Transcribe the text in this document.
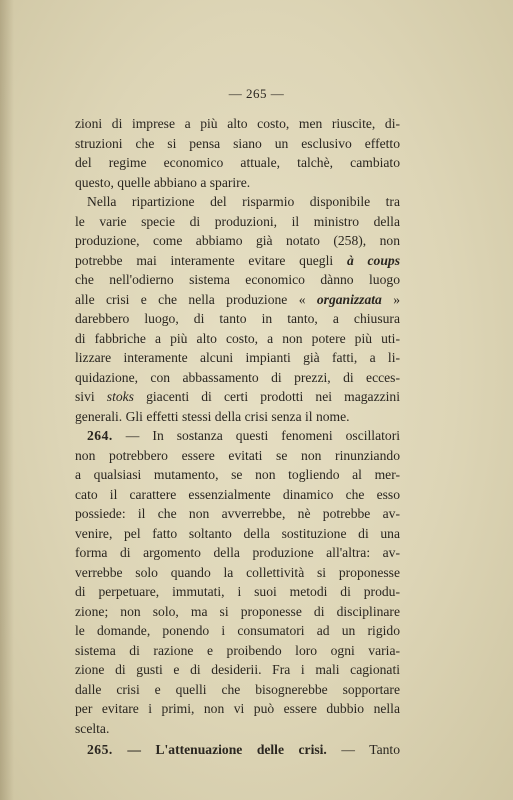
— 265 —
zioni di imprese a più alto costo, men riuscite, di-
struzioni che si pensa siano un esclusivo effetto
del regime economico attuale, talchè, cambiato
questo, quelle abbiano a sparire.
Nella ripartizione del risparmio disponibile tra
le varie specie di produzioni, il ministro della
produzione, come abbiamo già notato (258), non
potrebbe mai interamente evitare quegli à coups
che nell'odierno sistema economico dànno luogo
alle crisi e che nella produzione « organizzata »
darebbero luogo, di tanto in tanto, a chiusura
di fabbriche a più alto costo, a non potere più uti-
lizzare interamente alcuni impianti già fatti, a li-
quidazione, con abbassamento di prezzi, di ecces-
sivi stoks giacenti di certi prodotti nei magazzini
generali. Gli effetti stessi della crisi senza il nome.
264. — In sostanza questi fenomeni oscillatori
non potrebbero essere evitati se non rinunziando
a qualsiasi mutamento, se non togliendo al mer-
cato il carattere essenzialmente dinamico che esso
possiede: il che non avverrebbe, nè potrebbe av-
venire, pel fatto soltanto della sostituzione di una
forma di argomento della produzione all'altra: av-
verrebbe solo quando la collettività si proponesse
di perpetuare, immutati, i suoi metodi di produ-
zione; non solo, ma si proponesse di disciplinare
le domande, ponendo i consumatori ad un rigido
sistema di razione e proibendo loro ogni varia-
zione di gusti e di desiderii. Fra i mali cagionati
dalle crisi e quelli che bisognerebbe sopportare
per evitare i primi, non vi può essere dubbio nella
scelta.
265. — L'attenuazione delle crisi. — Tanto
